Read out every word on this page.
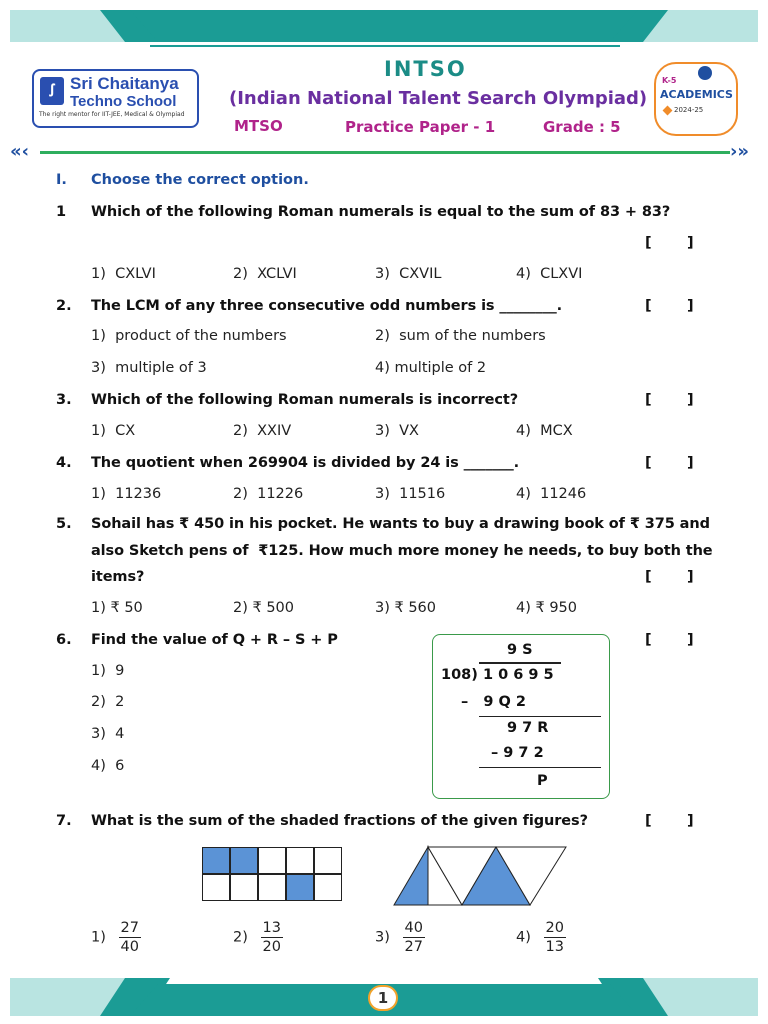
ꭍ Sri Chaitanya
Techno School
The right mentor for IIT-JEE, Medical & Olympiad
INTSO
(Indian National Talent Search Olympiad)
MTSO	Practice Paper - 1	Grade : 5
K-5
ACADEMICS
2024-25
«‹	›»
I. Choose the correct option.
1 Which of the following Roman numerals is equal to the sum of 83 + 83?
[       ]
1)  CXLVI	2)  XCLVI	3)  CXVIL	4)  CLXVI
2. The LCM of any three consecutive odd numbers is ________.	[       ]
1)  product of the numbers	2)  sum of the numbers
3)  multiple of 3	4) multiple of 2
3. Which of the following Roman numerals is incorrect?	[       ]
1)  CX	2)  XXIV	3)  VX	4)  MCX
4. The quotient when 269904 is divided by 24 is _______.	[       ]
1)  11236	2)  11226	3)  11516	4)  11246
5. Sohail has ₹ 450 in his pocket. He wants to buy a drawing book of ₹ 375 and
also Sketch pens of  ₹125. How much more money he needs, to buy both the
items?	[       ]
1) ₹ 50	2) ₹ 500	3) ₹ 560	4) ₹ 950
6. Find the value of Q + R – S + P	[       ]
1)  9
2)  2
3)  4
4)  6
9 S
108) 1 0 6 9 5
–   9 Q 2
9 7 R
– 9 7 2
P
7. What is the sum of the shaded fractions of the given figures?	[       ]
$1) \frac{27}{40}$	$2) \frac{13}{20}$	$3) \frac{40}{27}$	$4) \frac{20}{13}$
1
